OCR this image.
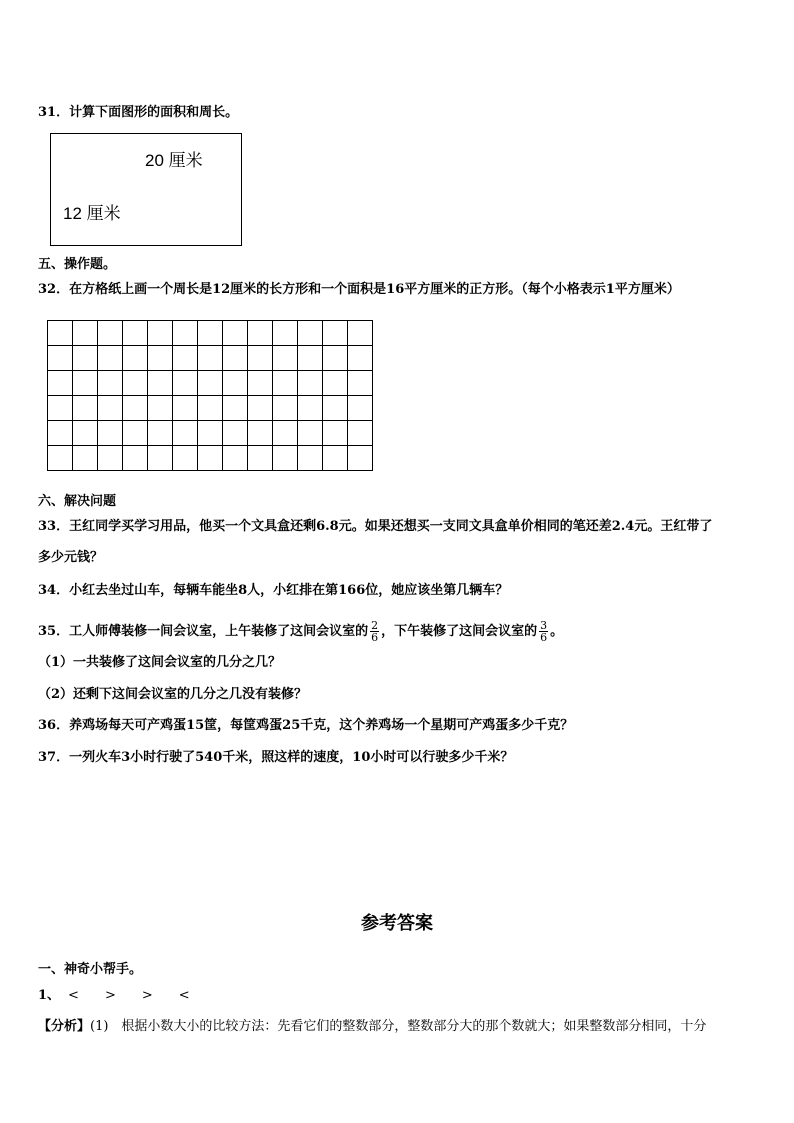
31．计算下面图形的面积和周长。
20 厘米
12 厘米
五、操作题。
32．在方格纸上画一个周长是12厘米的长方形和一个面积是16平方厘米的正方形。（每个小格表示1平方厘米）

六、解决问题
33．王红同学买学习用品，他买一个文具盒还剩6.8元。如果还想买一支同文具盒单价相同的笔还差2.4元。王红带了
多少元钱？
34．小红去坐过山车，每辆车能坐8人，小红排在第166位，她应该坐第几辆车？
35．工人师傅装修一间会议室，上午装修了这间会议室的 $\frac{2}{6}$ ，下午装修了这间会议室的 $\frac{3}{6}$ 。
（1）一共装修了这间会议室的几分之几？
（2）还剩下这间会议室的几分之几没有装修？
36．养鸡场每天可产鸡蛋15筐，每筐鸡蛋25千克，这个养鸡场一个星期可产鸡蛋多少千克？
37．一列火车3小时行驶了540千米，照这样的速度，10小时可以行驶多少千米？
参考答案
一、神奇小帮手。
1、 < > > <
【分析】(1)　根据小数大小的比较方法：先看它们的整数部分，整数部分大的那个数就大；如果整数部分相同，十分
